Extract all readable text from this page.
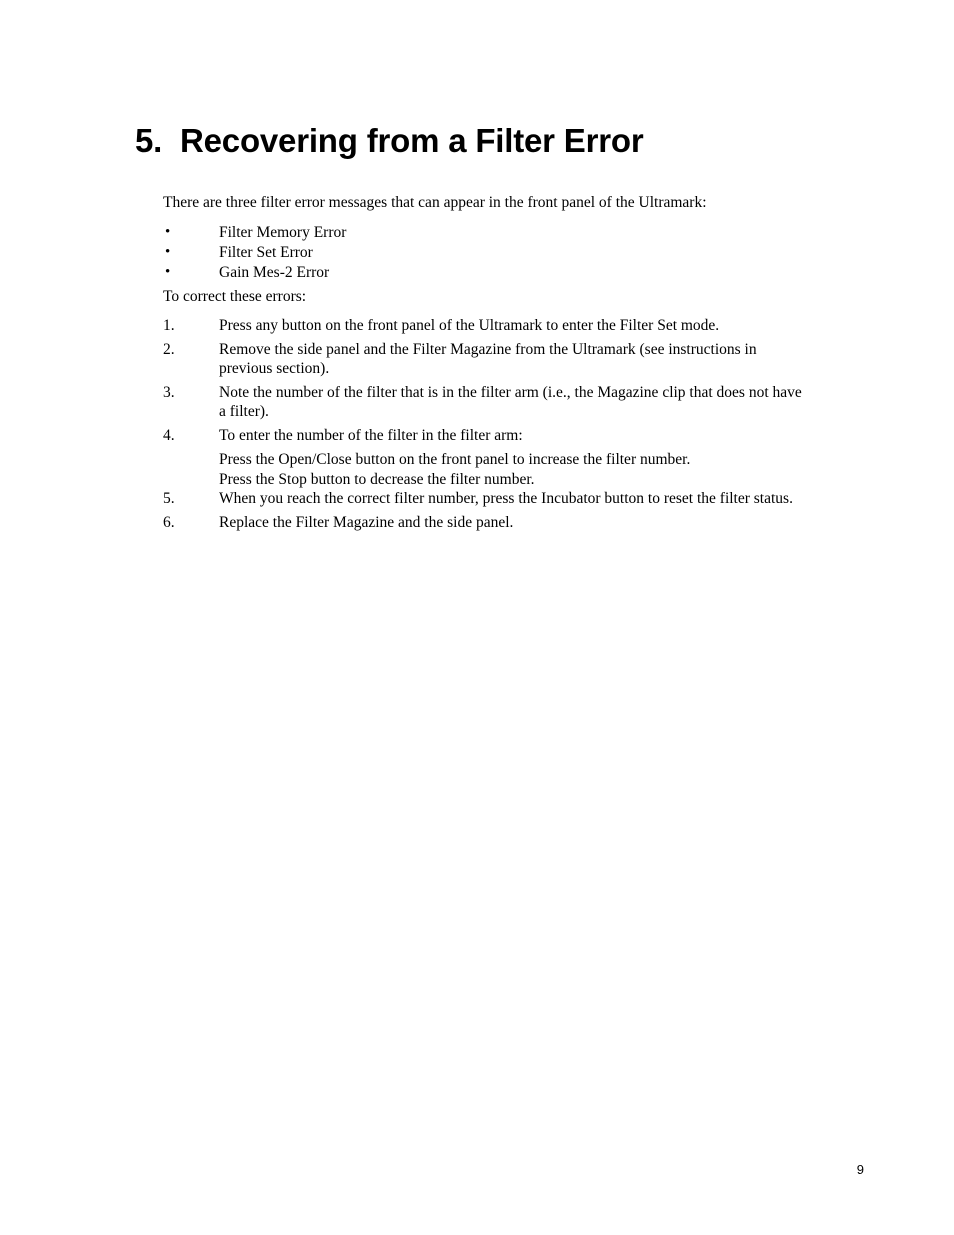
5. Recovering from a Filter Error
There are three filter error messages that can appear in the front panel of the Ultramark:
•	Filter Memory Error
•	Filter Set Error
•	Gain Mes-2 Error
To correct these errors:
1.	Press any button on the front panel of the Ultramark to enter the Filter Set mode.
2.	Remove the side panel and the Filter Magazine from the Ultramark (see instructions in
previous section).
3.	Note the number of the filter that is in the filter arm (i.e., the Magazine clip that does not have
a filter).
4.	To enter the number of the filter in the filter arm:
Press the Open/Close button on the front panel to increase the filter number.
Press the Stop button to decrease the filter number.
5.	When you reach the correct filter number, press the Incubator button to reset the filter status.
6.	Replace the Filter Magazine and the side panel.
9
